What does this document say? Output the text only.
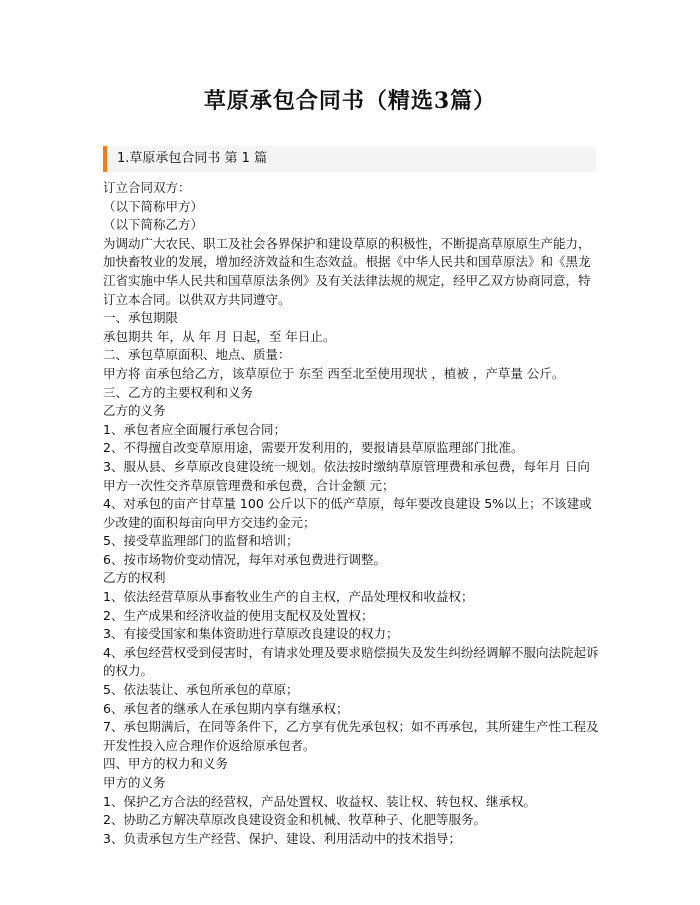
草原承包合同书（精选3篇）
1.草原承包合同书 第 1 篇

订立合同双方：

（以下简称甲方）

（以下简称乙方）

为调动广大农民、职工及社会各界保护和建设草原的积极性，不断提高草原原生产能力，加快畜牧业的发展，增加经济效益和生态效益。根据《中华人民共和国草原法》和《黑龙江省实施中华人民共和国草原法条例》及有关法律法规的规定，经甲乙双方协商同意，特订立本合同。以供双方共同遵守。

一、承包期限

承包期共 年，从 年 月 日起，至 年日止。

二、承包草原面积、地点、质量：

甲方将 亩承包给乙方，该草原位于 东至 西至北至使用现状 ，植被 ，产草量 公斤。

三、乙方的主要权利和义务

乙方的义务

1、承包者应全面履行承包合同；

2、不得擅自改变草原用途，需要开发利用的，要报请县草原监理部门批准。

3、服从县、乡草原改良建设统一规划。依法按时缴纳草原管理费和承包费，每年月 日向甲方一次性交齐草原管理费和承包费，合计金额 元；

4、对承包的亩产甘草量 100 公斤以下的低产草原，每年要改良建设 5%以上；不该建或少改建的面积每亩向甲方交违约金元；

5、接受草监理部门的监督和培训；

6、按市场物价变动情况，每年对承包费进行调整。

乙方的权利

1、依法经营草原从事畜牧业生产的自主权，产品处理权和收益权；

2、生产成果和经济收益的使用支配权及处置权；

3、有接受国家和集体资助进行草原改良建设的权力；

4、承包经营权受到侵害时，有请求处理及要求赔偿损失及发生纠纷经调解不服向法院起诉的权力。

5、依法装让、承包所承包的草原；

6、承包者的继承人在承包期内享有继承权；

7、承包期满后，在同等条件下，乙方享有优先承包权；如不再承包，其所建生产性工程及开发性投入应合理作价返给原承包者。

四、甲方的权力和义务

甲方的义务

1、保护乙方合法的经营权，产品处置权、收益权、装让权、转包权、继承权。

2、协助乙方解决草原改良建设资金和机械、牧草种子、化肥等服务。

3、负责承包方生产经营、保护、建设、利用活动中的技术指导；
